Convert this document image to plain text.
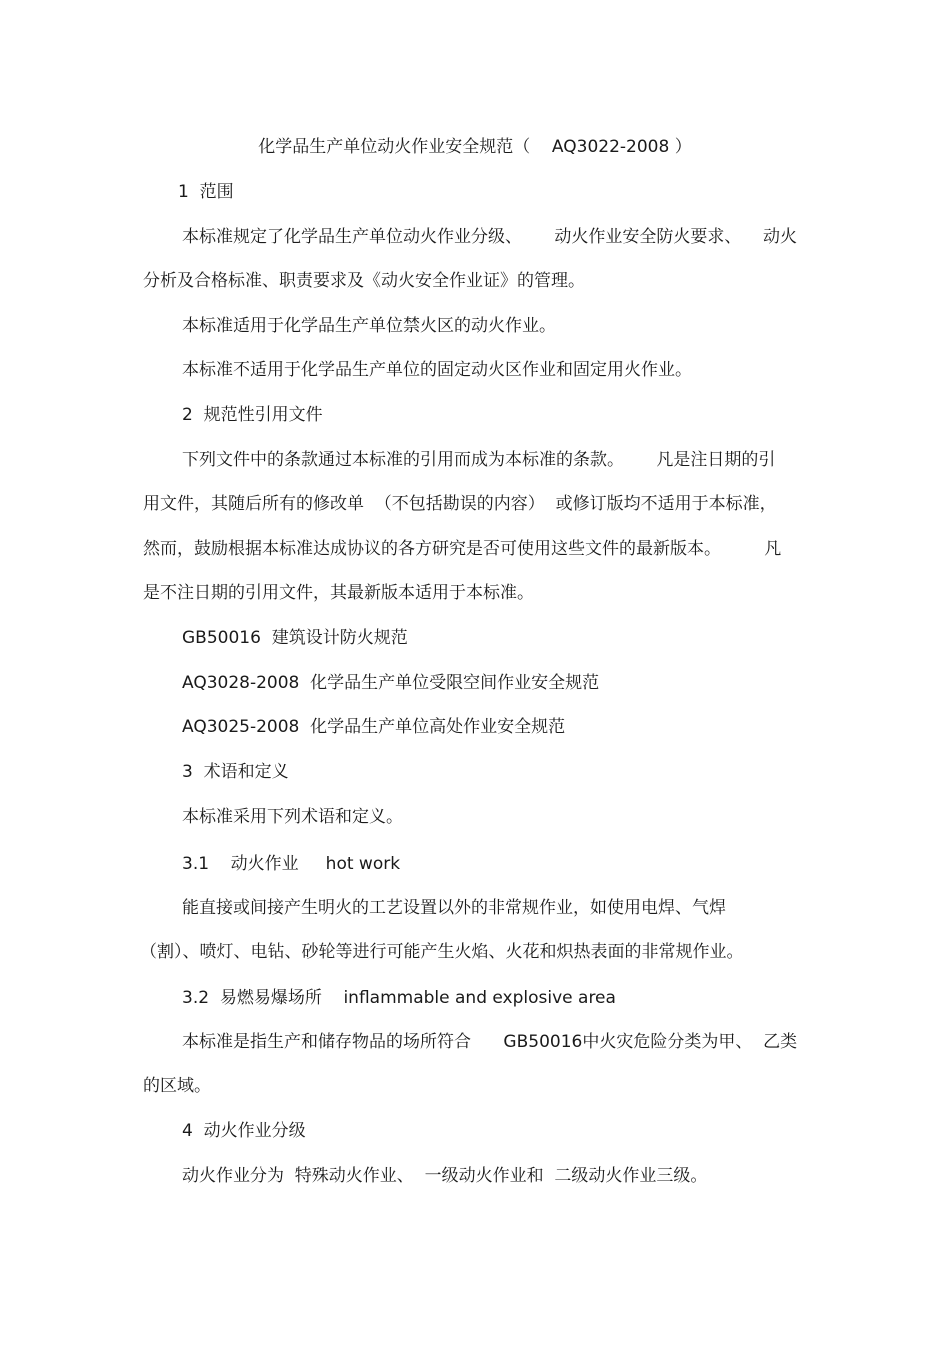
化学品生产单位动火作业安全规范（    AQ3022-2008 ）
1  范围
本标准规定了化学品生产单位动火作业分级、      动火作业安全防火要求、    动火
分析及合格标准、职责要求及《动火安全作业证》的管理。
本标准适用于化学品生产单位禁火区的动火作业。
本标准不适用于化学品生产单位的固定动火区作业和固定用火作业。
2  规范性引用文件
下列文件中的条款通过本标准的引用而成为本标准的条款。      凡是注日期的引
用文件，其随后所有的修改单  （不包括勘误的内容）  或修订版均不适用于本标准，
然而，鼓励根据本标准达成协议的各方研究是否可使用这些文件的最新版本。        凡
是不注日期的引用文件，其最新版本适用于本标准。
GB50016  建筑设计防火规范
AQ3028-2008  化学品生产单位受限空间作业安全规范
AQ3025-2008  化学品生产单位高处作业安全规范
3  术语和定义
本标准采用下列术语和定义。
3.1    动火作业     hot work
能直接或间接产生明火的工艺设置以外的非常规作业，如使用电焊、气焊
（割）、喷灯、电钻、砂轮等进行可能产生火焰、火花和炽热表面的非常规作业。
3.2  易燃易爆场所    inflammable and explosive area
本标准是指生产和储存物品的场所符合      GB50016中火灾危险分类为甲、  乙类
的区域。
4  动火作业分级
动火作业分为  特殊动火作业、  一级动火作业和  二级动火作业三级。
